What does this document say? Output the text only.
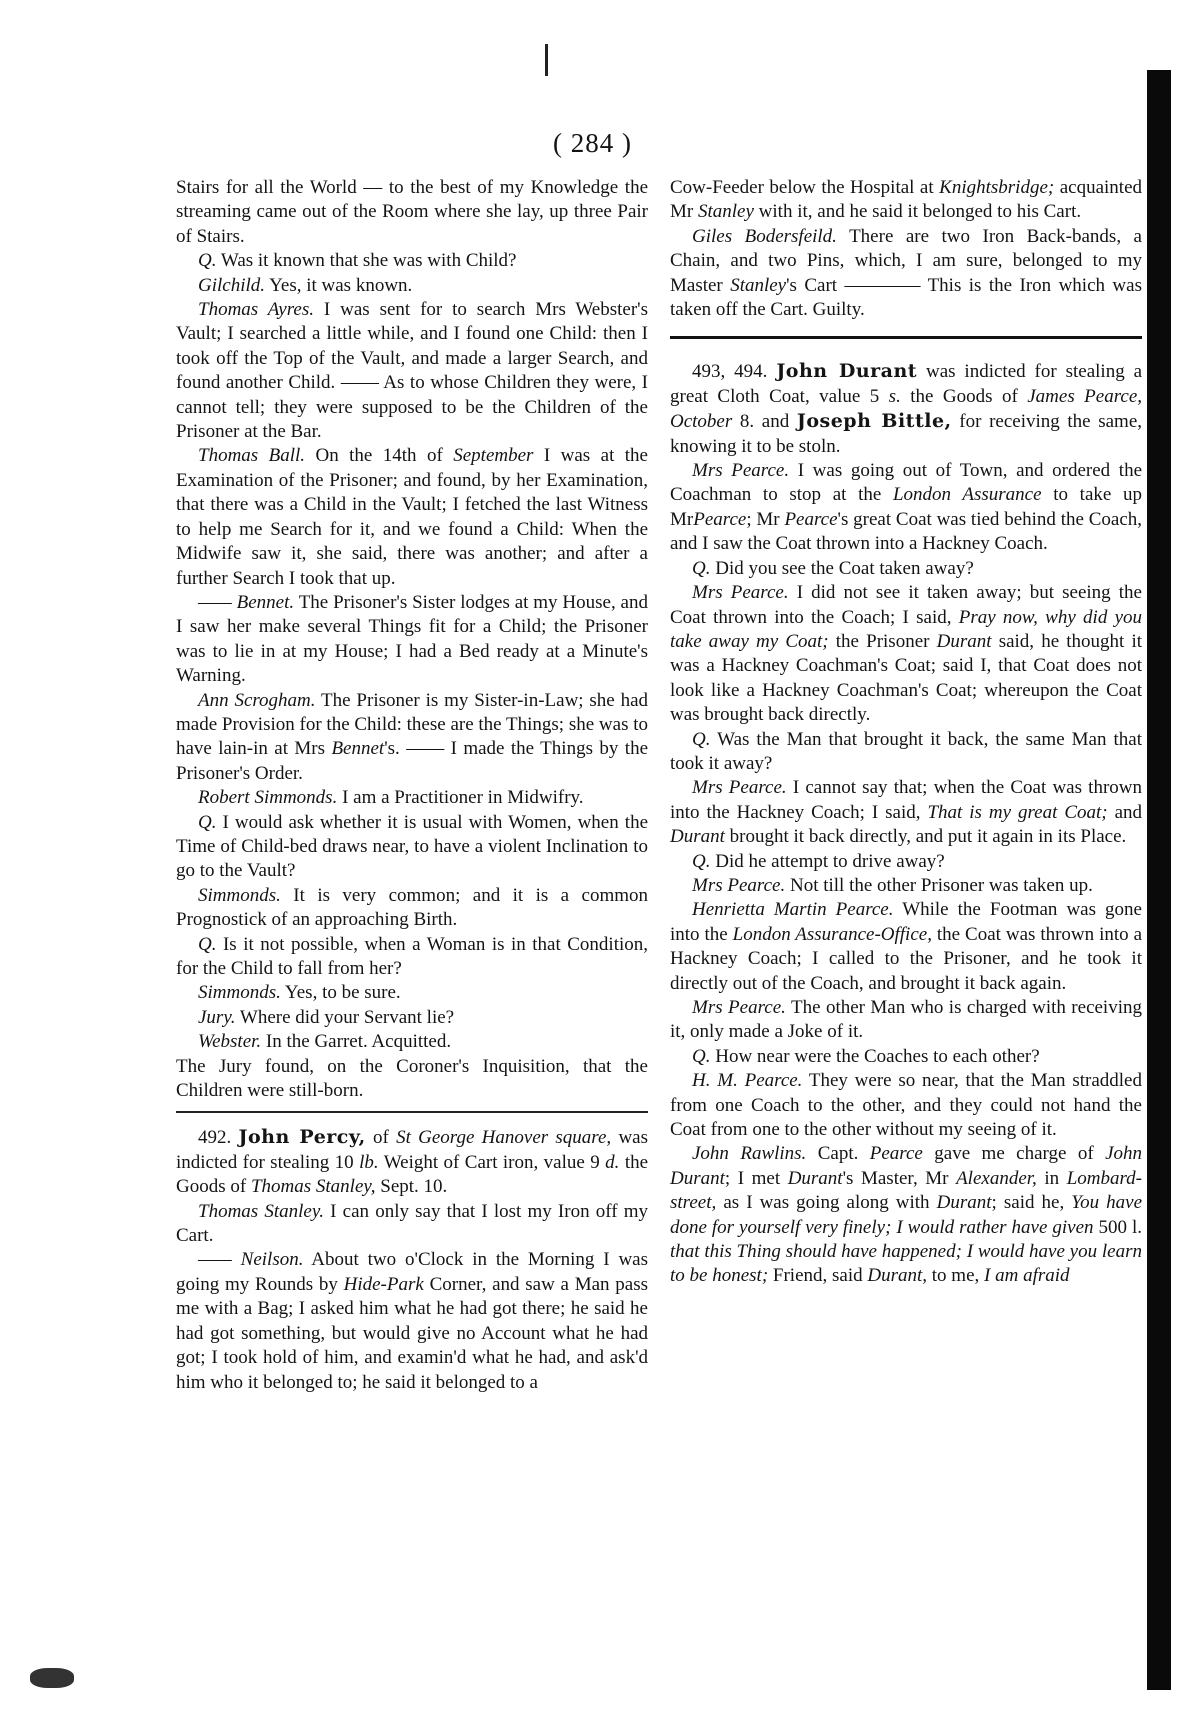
( 284 )

Stairs for all the World — to the best of my Knowledge the streaming came out of the Room where she lay, up three Pair of Stairs.

Q. Was it known that she was with Child?

Gilchild. Yes, it was known.

Thomas Ayres. I was sent for to search Mrs Webster's Vault; I searched a little while, and I found one Child: then I took off the Top of the Vault, and made a larger Search, and found another Child. —— As to whose Children they were, I cannot tell; they were supposed to be the Children of the Prisoner at the Bar.

Thomas Ball. On the 14th of September I was at the Examination of the Prisoner; and found, by her Examination, that there was a Child in the Vault; I fetched the last Witness to help me Search for it, and we found a Child: When the Midwife saw it, she said, there was another; and after a further Search I took that up.

—— Bennet. The Prisoner's Sister lodges at my House, and I saw her make several Things fit for a Child; the Prisoner was to lie in at my House; I had a Bed ready at a Minute's Warning.

Ann Scrogham. The Prisoner is my Sister-in-Law; she had made Provision for the Child: these are the Things; she was to have lain-in at Mrs Bennet's. —— I made the Things by the Prisoner's Order.

Robert Simmonds. I am a Practitioner in Midwifry.

Q. I would ask whether it is usual with Women, when the Time of Child-bed draws near, to have a violent Inclination to go to the Vault?

Simmonds. It is very common; and it is a common Prognostick of an approaching Birth.

Q. Is it not possible, when a Woman is in that Condition, for the Child to fall from her?

Simmonds. Yes, to be sure.

Jury. Where did your Servant lie?

Webster. In the Garret. Acquitted.

The Jury found, on the Coroner's Inquisition, that the Children were still-born.

492. John Percy, of St George Hanover square, was indicted for stealing 10 lb. Weight of Cart iron, value 9 d. the Goods of Thomas Stanley, Sept. 10.

Thomas Stanley. I can only say that I lost my Iron off my Cart.

—— Neilson. About two o'Clock in the Morning I was going my Rounds by Hide-Park Corner, and saw a Man pass me with a Bag; I asked him what he had got there; he said he had got something, but would give no Account what he had got; I took hold of him, and examin'd what he had, and ask'd him who it belonged to; he said it belonged to a

Cow-Feeder below the Hospital at Knightsbridge; acquainted Mr Stanley with it, and he said it belonged to his Cart.

Giles Bodersfeild. There are two Iron Back-bands, a Chain, and two Pins, which, I am sure, belonged to my Master Stanley's Cart ———— This is the Iron which was taken off the Cart. Guilty.

493, 494. John Durant was indicted for stealing a great Cloth Coat, value 5 s. the Goods of James Pearce, October 8. and Joseph Bittle, for receiving the same, knowing it to be stoln.

Mrs Pearce. I was going out of Town, and ordered the Coachman to stop at the London Assurance to take up MrPearce; Mr Pearce's great Coat was tied behind the Coach, and I saw the Coat thrown into a Hackney Coach.

Q. Did you see the Coat taken away?

Mrs Pearce. I did not see it taken away; but seeing the Coat thrown into the Coach; I said, Pray now, why did you take away my Coat; the Prisoner Durant said, he thought it was a Hackney Coachman's Coat; said I, that Coat does not look like a Hackney Coachman's Coat; whereupon the Coat was brought back directly.

Q. Was the Man that brought it back, the same Man that took it away?

Mrs Pearce. I cannot say that; when the Coat was thrown into the Hackney Coach; I said, That is my great Coat; and Durant brought it back directly, and put it again in its Place.

Q. Did he attempt to drive away?

Mrs Pearce. Not till the other Prisoner was taken up.

Henrietta Martin Pearce. While the Footman was gone into the London Assurance-Office, the Coat was thrown into a Hackney Coach; I called to the Prisoner, and he took it directly out of the Coach, and brought it back again.

Mrs Pearce. The other Man who is charged with receiving it, only made a Joke of it.

Q. How near were the Coaches to each other?

H. M. Pearce. They were so near, that the Man straddled from one Coach to the other, and they could not hand the Coat from one to the other without my seeing of it.

John Rawlins. Capt. Pearce gave me charge of John Durant; I met Durant's Master, Mr Alexander, in Lombard-street, as I was going along with Durant; said he, You have done for yourself very finely; I would rather have given 500 l. that this Thing should have happened; I would have you learn to be honest; Friend, said Durant, to me, I am afraid
